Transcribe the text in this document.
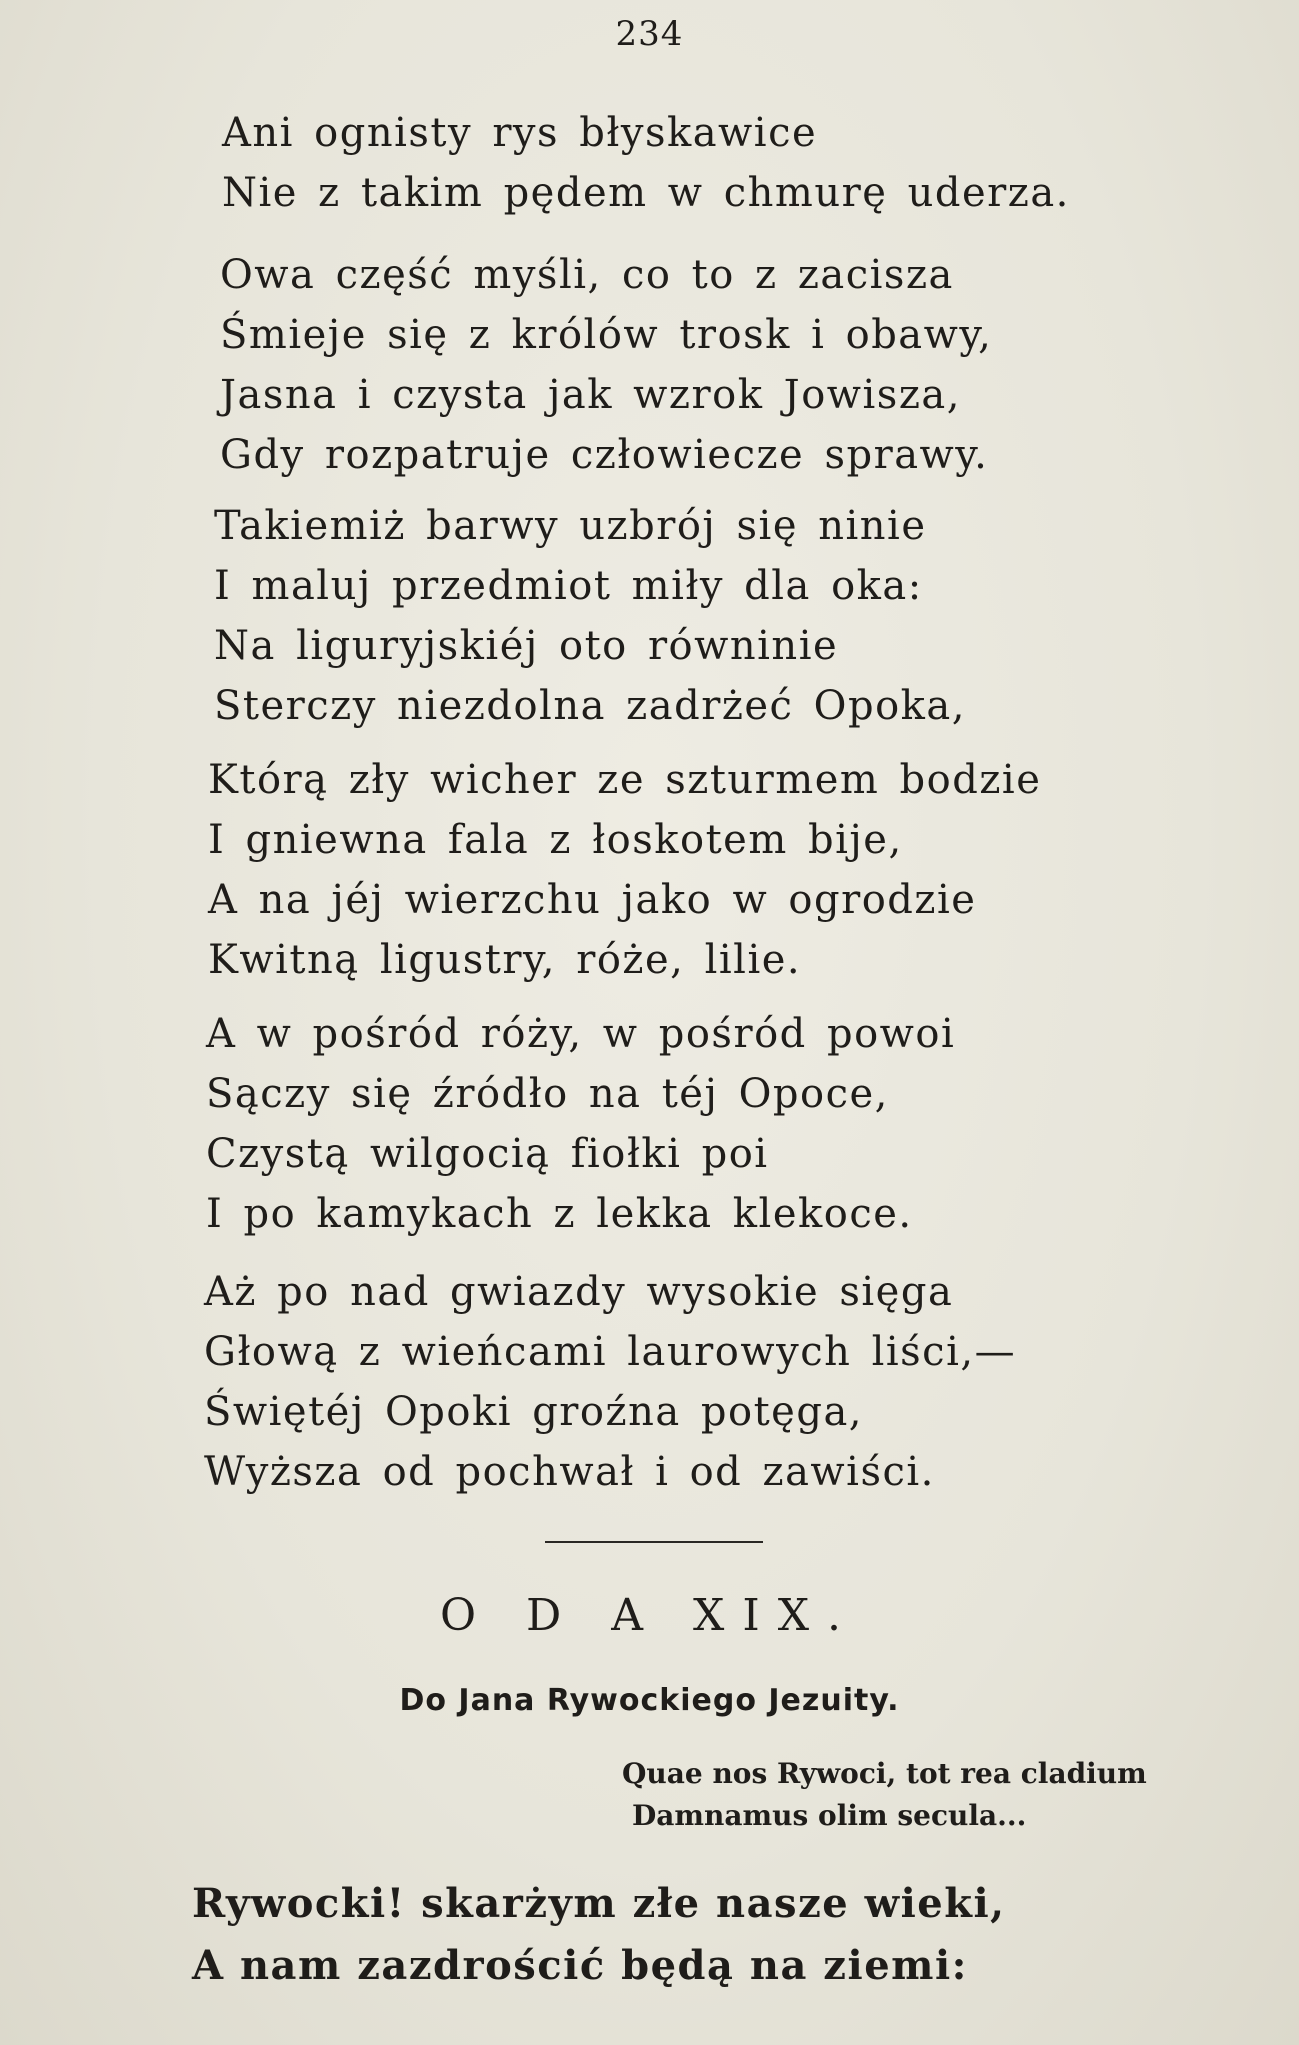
234
Ani ognisty rys błyskawice
Nie z takim pędem w chmurę uderza.
Owa część myśli, co to z zacisza
Śmieje się z królów trosk i obawy,
Jasna i czysta jak wzrok Jowisza,
Gdy rozpatruje człowiecze sprawy.
Takiemiż barwy uzbrój się ninie
I maluj przedmiot miły dla oka:
Na liguryjskiéj oto równinie
Sterczy niezdolna zadrżeć Opoka,
Którą zły wicher ze szturmem bodzie
I gniewna fala z łoskotem bije,
A na jéj wierzchu jako w ogrodzie
Kwitną ligustry, róże, lilie.
A w pośród róży, w pośród powoi
Sączy się źródło na téj Opoce,
Czystą wilgocią fiołki poi
I po kamykach z lekka klekoce.
Aż po nad gwiazdy wysokie sięga
Głową z wieńcami laurowych liści,—
Świętéj Opoki groźna potęga,
Wyższa od pochwał i od zawiści.
O D A XIX.
Do Jana Rywockiego Jezuity.
Quae nos Rywoci, tot rea cladium
Damnamus olim secula...
Rywocki! skarżym złe nasze wieki,
A nam zazdrościć będą na ziemi:
